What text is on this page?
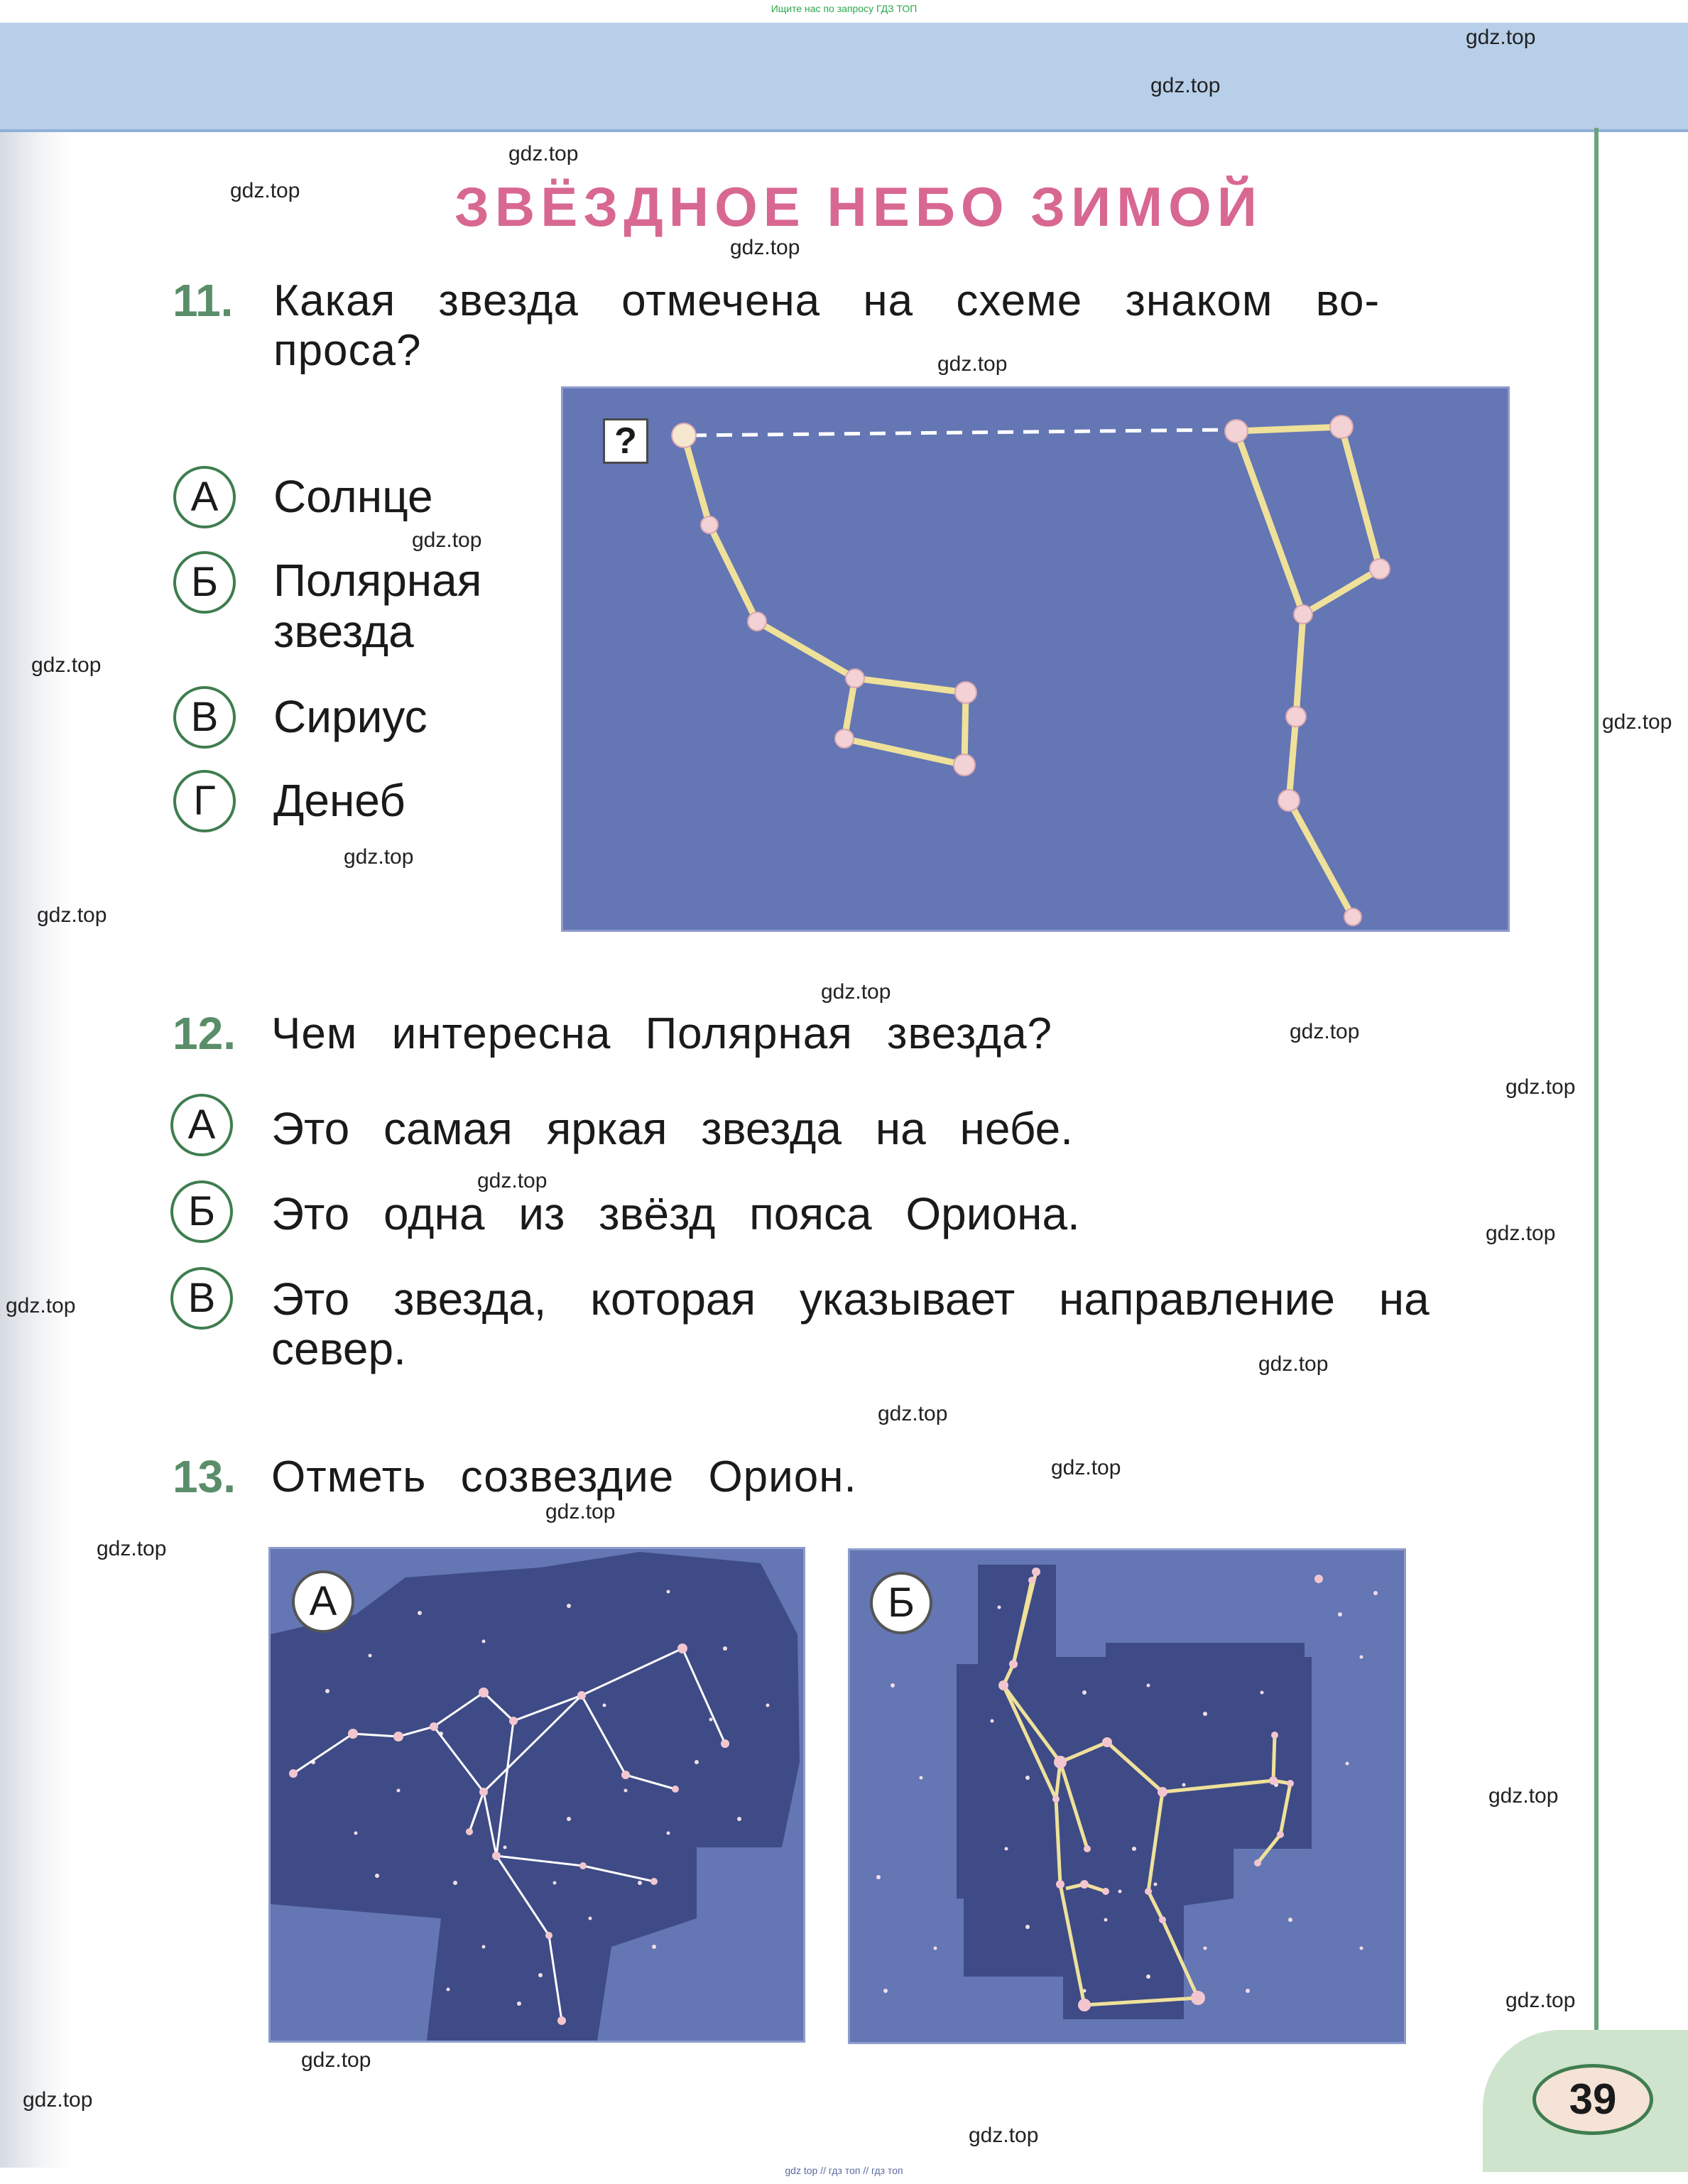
Ищите нас по запросу ГДЗ ТОП
ЗВЁЗДНОЕ НЕБО ЗИМОЙ
11. Какая звезда отмечена на схеме знаком во-
проса?
А	Солнце
Б	Полярная
звезда
В	Сириус
Г	Денеб
?
12. Чем интересна Полярная звезда?
А	Это самая яркая звезда на небе.
Б	Это одна из звёзд пояса Ориона.
В	Это звезда, которая указывает направление на
север.
13. Отметь созвездие Орион.
А	Б
39
gdz.top
gdz.top
gdz.top
gdz.top
gdz.top
gdz.top
gdz.top
gdz.top
gdz.top
gdz.top
gdz.top
gdz.top
gdz.top
gdz.top
gdz.top
gdz.top
gdz.top
gdz.top
gdz.top
gdz.top
gdz.top
gdz.top
gdz.top
gdz.top
gdz.top
gdz.top
gdz.top
gdz top // гдз топ // гдз топ
